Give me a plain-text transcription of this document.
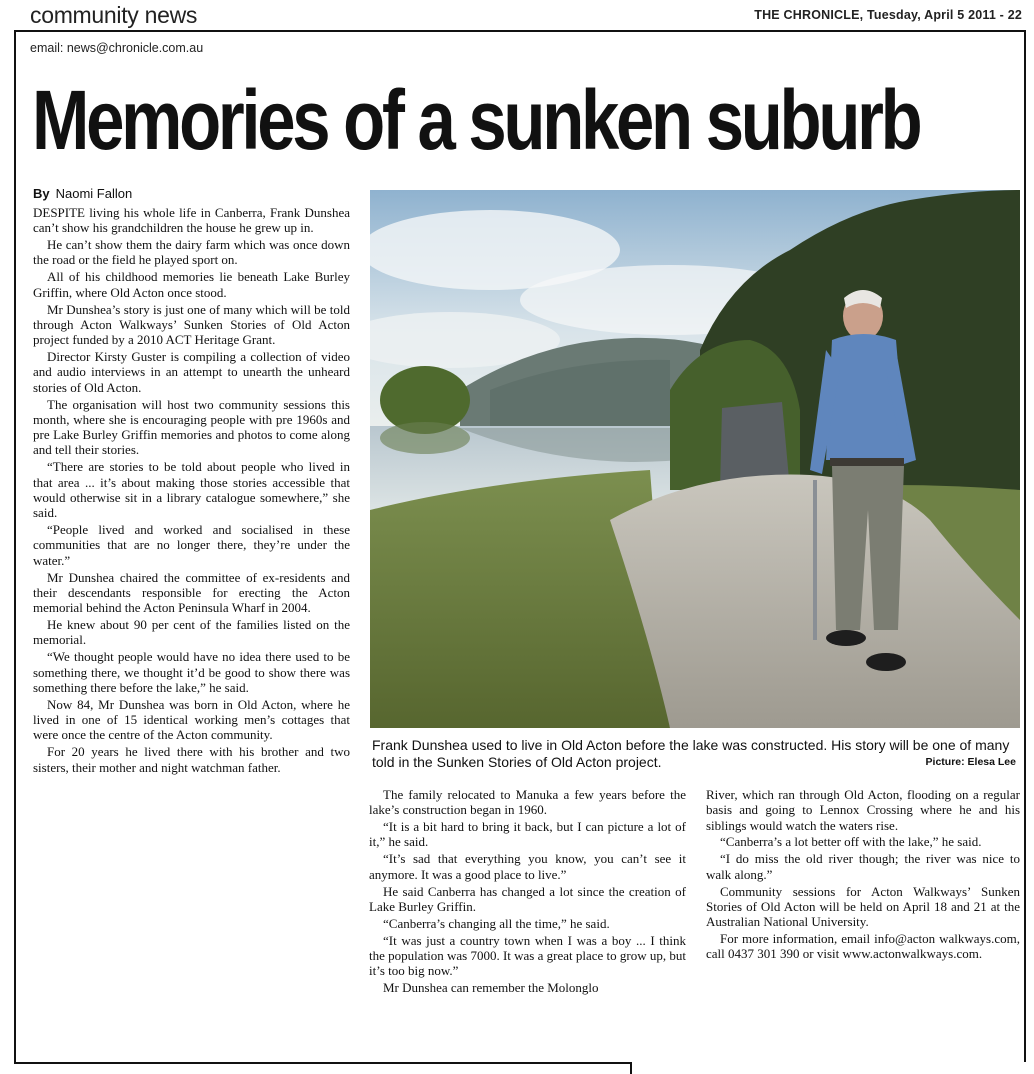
community news	THE CHRONICLE, Tuesday, April 5 2011 - 22
email: news@chronicle.com.au
Memories of a sunken suburb
By Naomi Fallon

DESPITE living his whole life in Canberra, Frank Dunshea can’t show his grandchildren the house he grew up in.

He can’t show them the dairy farm which was once down the road or the field he played sport on.

All of his childhood memories lie beneath Lake Burley Griffin, where Old Acton once stood.

Mr Dunshea’s story is just one of many which will be told through Acton Walkways’ Sunken Stories of Old Acton project funded by a 2010 ACT Heritage Grant.

Director Kirsty Guster is compiling a collection of video and audio interviews in an attempt to unearth the unheard stories of Old Acton.

The organisation will host two community sessions this month, where she is encouraging people with pre 1960s and pre Lake Burley Griffin memories and photos to come along and tell their stories.

“There are stories to be told about people who lived in that area ... it’s about making those stories accessible that would otherwise sit in a library catalogue somewhere,” she said.

“People lived and worked and socialised in these communities that are no longer there, they’re under the water.”

Mr Dunshea chaired the committee of ex-residents and their descendants responsible for erecting the Acton memorial behind the Acton Peninsula Wharf in 2004.

He knew about 90 per cent of the families listed on the memorial.

“We thought people would have no idea there used to be something there, we thought it’d be good to show there was something there before the lake,” he said.

Now 84, Mr Dunshea was born in Old Acton, where he lived in one of 15 identical working men’s cottages that were once the centre of the Acton community.

For 20 years he lived there with his brother and two sisters, their mother and night watchman father.

Frank Dunshea used to live in Old Acton before the lake was constructed. His story will be one of many told in the Sunken Stories of Old Acton project.	Picture: Elesa Lee

The family relocated to Manuka a few years before the lake’s construction began in 1960.

“It is a bit hard to bring it back, but I can picture a lot of it,” he said.

“It’s sad that everything you know, you can’t see it anymore. It was a good place to live.”

He said Canberra has changed a lot since the creation of Lake Burley Griffin.

“Canberra’s changing all the time,” he said.

“It was just a country town when I was a boy ... I think the population was 7000. It was a great place to grow up, but it’s too big now.”

Mr Dunshea can remember the Molonglo

River, which ran through Old Acton, flooding on a regular basis and going to Lennox Crossing where he and his siblings would watch the waters rise.

“Canberra’s a lot better off with the lake,” he said.

“I do miss the old river though; the river was nice to walk along.”

Community sessions for Acton Walkways’ Sunken Stories of Old Acton will be held on April 18 and 21 at the Australian National University.

For more information, email info@acton walkways.com, call 0437 301 390 or visit www.actonwalkways.com.
